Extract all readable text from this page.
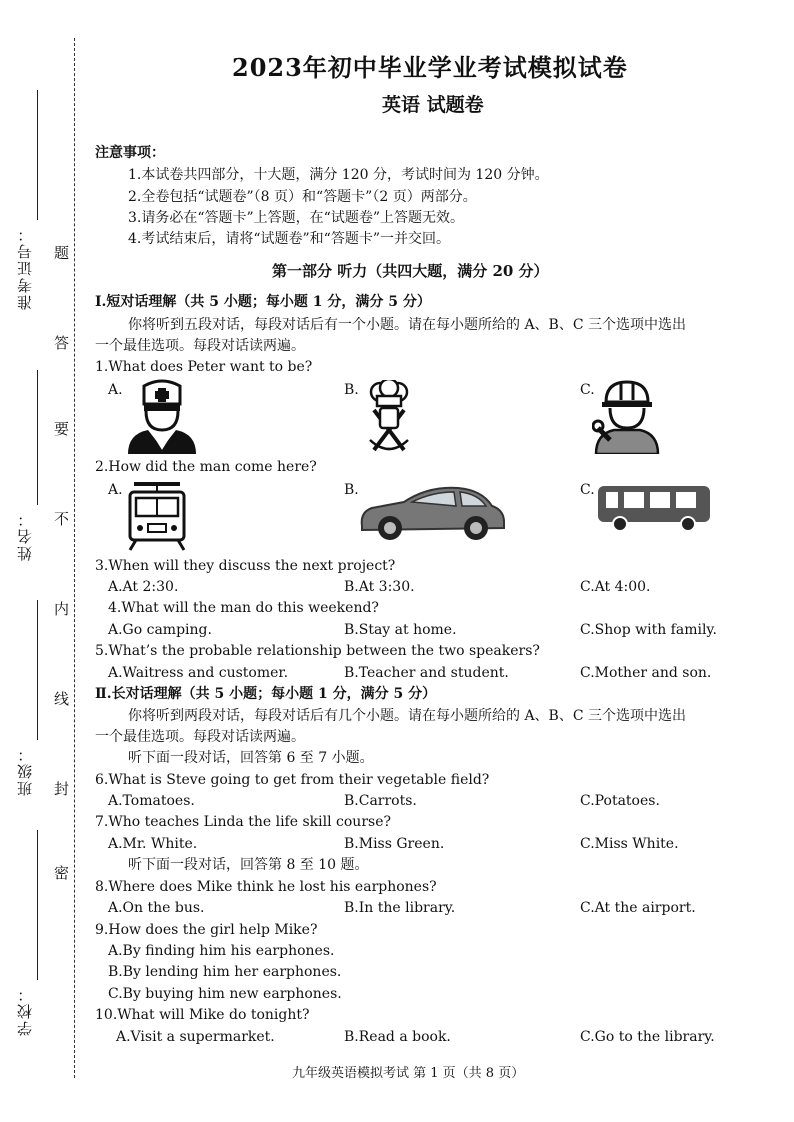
准考证号：
姓名：
班级：
学校：
题
答
要
不
内
线
封
密
2023年初中毕业学业考试模拟试卷
英语 试题卷
注意事项：
1.本试卷共四部分，十大题，满分 120 分，考试时间为 120 分钟。
2.全卷包括“试题卷”（8 页）和“答题卡”（2 页）两部分。
3.请务必在“答题卡”上答题，在“试题卷”上答题无效。
4.考试结束后，请将“试题卷”和“答题卡”一并交回。
第一部分 听力（共四大题，满分 20 分）
Ⅰ.短对话理解（共 5 小题；每小题 1 分，满分 5 分）
你将听到五段对话，每段对话后有一个小题。请在每小题所给的 A、B、C 三个选项中选出
一个最佳选项。每段对话读两遍。
1.What does Peter want to be?
A.	B.	C.
2.How did the man come here?
A.	B.	C.
3.When will they discuss the next project?
A.At 2:30.	B.At 3:30.	C.At 4:00.
4.What will the man do this weekend?
A.Go camping.	B.Stay at home.	C.Shop with family.
5.What’s the probable relationship between the two speakers?
A.Waitress and customer.	B.Teacher and student.	C.Mother and son.
Ⅱ.长对话理解（共 5 小题；每小题 1 分，满分 5 分）
你将听到两段对话，每段对话后有几个小题。请在每小题所给的 A、B、C 三个选项中选出
一个最佳选项。每段对话读两遍。
听下面一段对话，回答第 6 至 7 小题。
6.What is Steve going to get from their vegetable field?
A.Tomatoes.	B.Carrots.	C.Potatoes.
7.Who teaches Linda the life skill course?
A.Mr. White.	B.Miss Green.	C.Miss White.
听下面一段对话，回答第 8 至 10 题。
8.Where does Mike think he lost his earphones?
A.On the bus.	B.In the library.	C.At the airport.
9.How does the girl help Mike?
A.By finding him his earphones.
B.By lending him her earphones.
C.By buying him new earphones.
10.What will Mike do tonight?
A.Visit a supermarket.	B.Read a book.	C.Go to the library.
九年级英语模拟考试 第 1 页（共 8 页）
